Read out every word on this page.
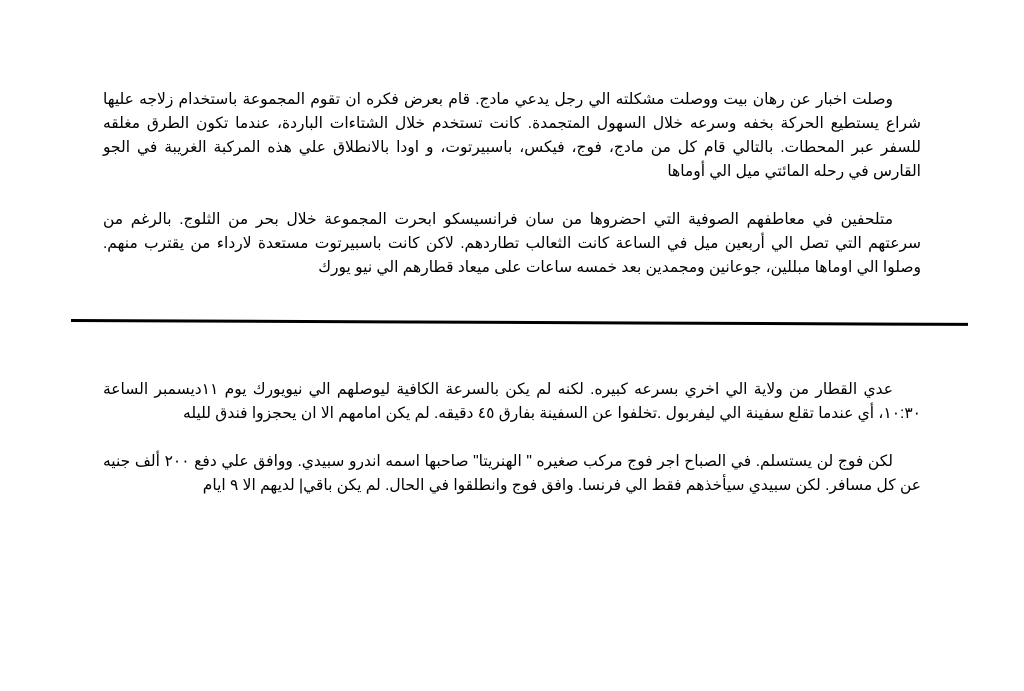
وصلت اخبار عن رهان بيت ووصلت مشكلته الي رجل يدعي مادج. قام بعرض فكره ان تقوم المجموعة باستخدام زلاجه عليها شراع يستطيع الحركة بخفه وسرعه خلال السهول المتجمدة. كانت تستخدم خلال الشتاءات الباردة، عندما تكون الطرق مغلقه للسفر عبر المحطات. بالتالي قام كل من مادج، فوج، فيكس، باسبيرتوت، و اودا بالانطلاق علي هذه المركبة الغريبة في الجو القارس في رحله المائتي ميل الي أوماها

متلحفين في معاطفهم الصوفية التي احضروها من سان فرانسيسكو ابحرت المجموعة خلال بحر من الثلوج. بالرغم من سرعتهم التي تصل الي أربعين ميل في الساعة كانت الثعالب تطاردهم. لاكن كانت باسبيرتوت مستعدة لارداء من يقترب منهم. وصلوا الي اوماها مبللين، جوعانين ومجمدين بعد خمسه ساعات على ميعاد قطارهم الي نيو يورك

عدي القطار من ولاية الي اخري بسرعه كبيره. لكنه لم يكن بالسرعة الكافية ليوصلهم الي نيويورك يوم ١١ديسمبر الساعة ١٠:٣٠، أي عندما تقلع سفينة الي ليفربول .تخلفوا عن السفينة بفارق ٤٥ دقيقه. لم يكن امامهم الا ان يحجزوا فندق لليله

لكن فوج لن يستسلم. في الصباح اجر فوج مركب صغيره " الهنريتا" صاحبها اسمه اندرو سبيدي. ووافق علي دفع ٢٠٠ ألف جنيه عن كل مسافر. لكن سبيدي سيأخذهم فقط الي فرنسا. وافق فوج وانطلقوا في الحال. لم يكن باقي| لديهم الا ٩ ايام
